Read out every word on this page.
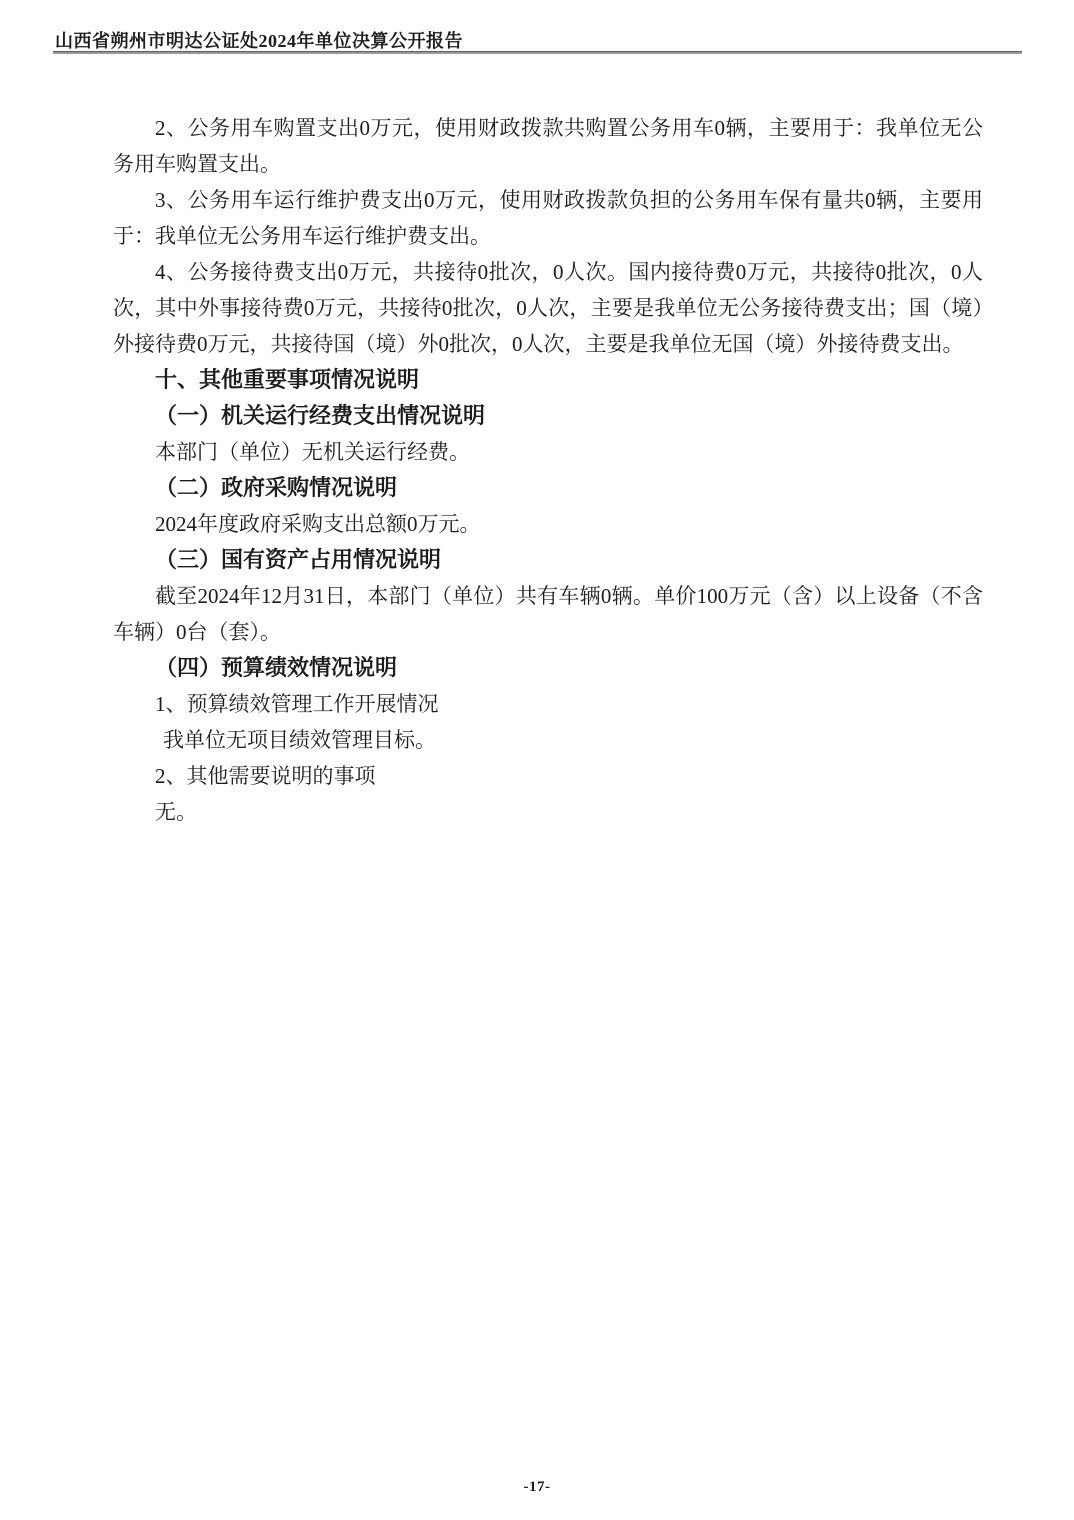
山西省朔州市明达公证处2024年单位决算公开报告

2、公务用车购置支出0万元，使用财政拨款共购置公务用车0辆，主要用于：我单位无公务用车购置支出。

3、公务用车运行维护费支出0万元，使用财政拨款负担的公务用车保有量共0辆，主要用于：我单位无公务用车运行维护费支出。

4、公务接待费支出0万元，共接待0批次，0人次。国内接待费0万元，共接待0批次，0人次，其中外事接待费0万元，共接待0批次，0人次，主要是我单位无公务接待费支出；国（境）外接待费0万元，共接待国（境）外0批次，0人次，主要是我单位无国（境）外接待费支出。

十、其他重要事项情况说明

（一）机关运行经费支出情况说明

本部门（单位）无机关运行经费。

（二）政府采购情况说明

2024年度政府采购支出总额0万元。

（三）国有资产占用情况说明

截至2024年12月31日，本部门（单位）共有车辆0辆。单价100万元（含）以上设备（不含车辆）0台（套）。

（四）预算绩效情况说明

1、预算绩效管理工作开展情况

我单位无项目绩效管理目标。

2、其他需要说明的事项

无。

-17-
